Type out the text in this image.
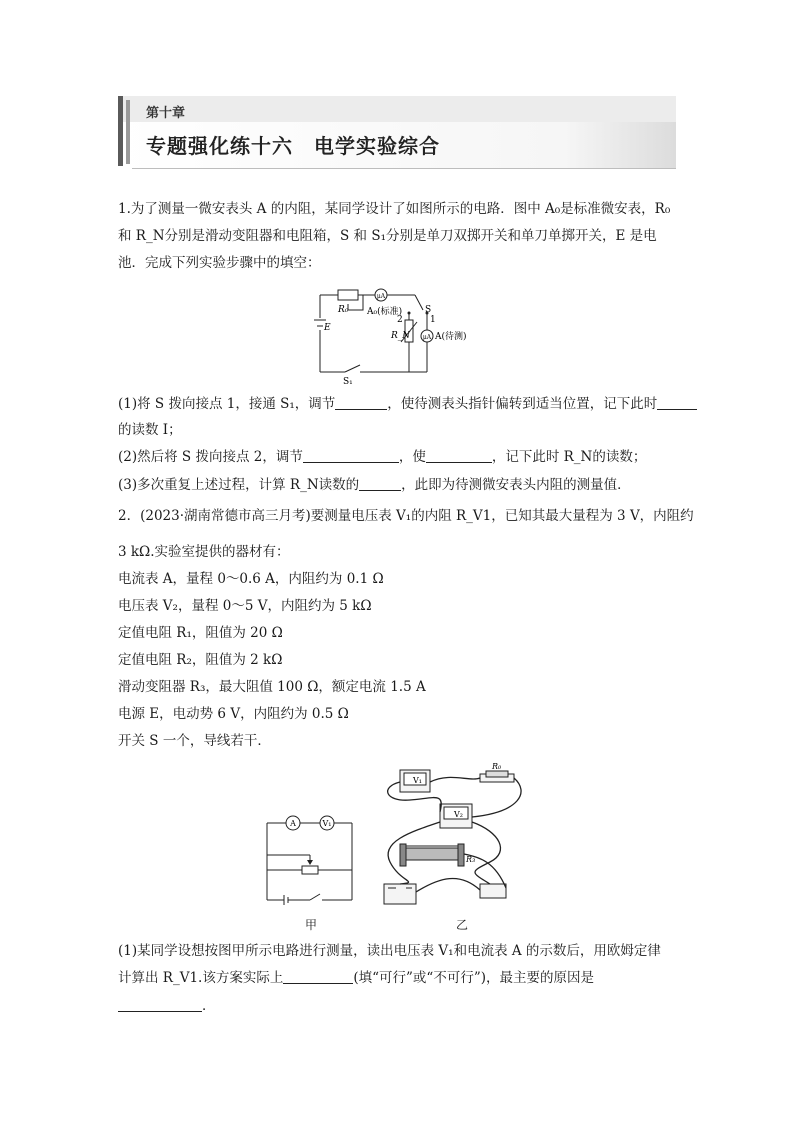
第十章
专题强化练十六　电学实验综合
1.为了测量一微安表头 A 的内阻，某同学设计了如图所示的电路．图中 A₀是标准微安表，R₀
和 R_N分别是滑动变阻器和电阻箱，S 和 S₁分别是单刀双掷开关和单刀单掷开关，E 是电
池．完成下列实验步骤中的填空：
μA
μA
R₀ A₀(标准)	S
1
2
R_N	A(待测)
E
S₁
(1)将 S 拨向接点 1，接通 S₁，调节	，使待测表头指针偏转到适当位置，记下此时
的读数 I；
(2)然后将 S 拨向接点 2，调节	，使	，记下此时 R_N的读数；
(3)多次重复上述过程，计算 R_N读数的	，此即为待测微安表头内阻的测量值．
2．(2023·湖南常德市高三月考)要测量电压表 V₁的内阻 R_V1，已知其最大量程为 3 V，内阻约
3 kΩ.实验室提供的器材有：
电流表 A，量程 0～0.6 A，内阻约为 0.1 Ω
电压表 V₂，量程 0～5 V，内阻约为 5 kΩ
定值电阻 R₁，阻值为 20 Ω
定值电阻 R₂，阻值为 2 kΩ
滑动变阻器 R₃，最大阻值 100 Ω，额定电流 1.5 A
电源 E，电动势 6 V，内阻约为 0.5 Ω
开关 S 一个，导线若干．
A	V₁
甲
V₁
V₂
R₀
R₃
乙
(1)某同学设想按图甲所示电路进行测量，读出电压表 V₁和电流表 A 的示数后，用欧姆定律
计算出 R_V1.该方案实际上	(填“可行”或“不可行”)，最主要的原因是
．
